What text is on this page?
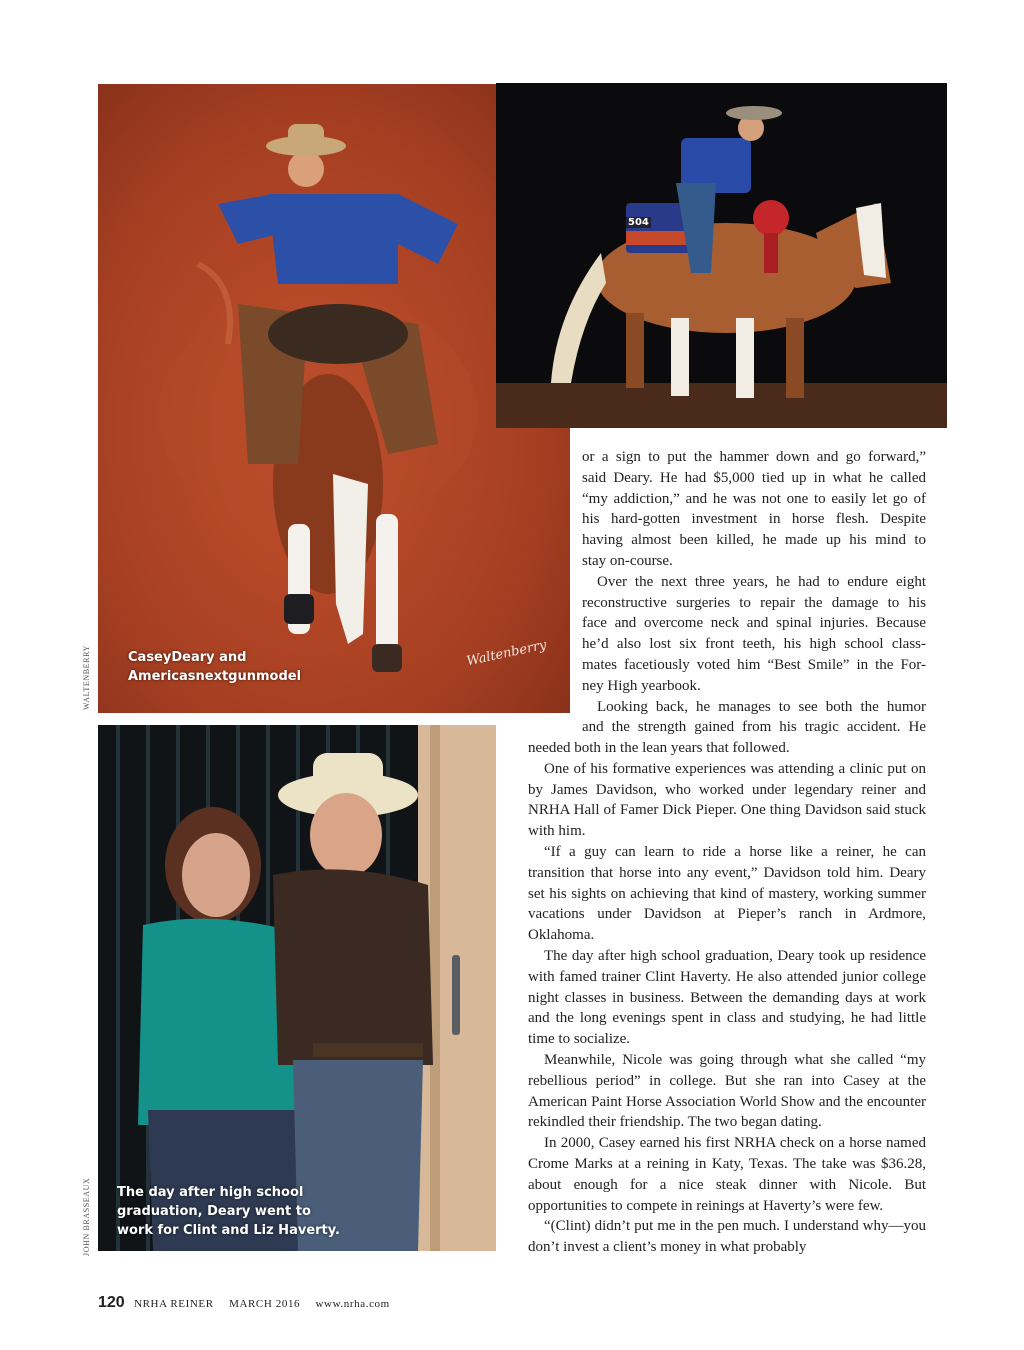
Waltenberry
CaseyDeary and
Americasnextgunmodel
WALTENBERRY
504
The day after high school
graduation, Deary went to
work for Clint and Liz Haverty.
JOHN BRASSEAUX
or a sign to put the hammer down and go forward,”
said Deary. He had $5,000 tied up in what he called
“my addiction,” and he was not one to easily let go of
his hard-gotten investment in horse flesh. Despite
having almost been killed, he made up his mind to
stay on-course.
Over the next three years, he had to endure eight
reconstructive surgeries to repair the damage to his
face and overcome neck and spinal injuries. Because
he’d also lost six front teeth, his high school class-
mates facetiously voted him “Best Smile” in the For-
ney High yearbook.
Looking back, he manages to see both the humor
and the strength gained from his tragic accident. He

needed both in the lean years that followed.

One of his formative experiences was attending a clinic put on by James Davidson, who worked under legendary reiner and NRHA Hall of Famer Dick Pieper. One thing Davidson said stuck with him.

“If a guy can learn to ride a horse like a reiner, he can transition that horse into any event,” Davidson told him. Deary set his sights on achieving that kind of mastery, working summer vacations under Davidson at Pieper’s ranch in Ardmore, Oklahoma.

The day after high school graduation, Deary took up residence with famed trainer Clint Haverty. He also attended junior college night classes in business. Between the demanding days at work and the long evenings spent in class and studying, he had little time to socialize.

Meanwhile, Nicole was going through what she called “my rebellious period” in college. But she ran into Casey at the American Paint Horse Association World Show and the encounter rekindled their friendship. The two began dating.

In 2000, Casey earned his first NRHA check on a horse named Crome Marks at a reining in Katy, Texas. The take was $36.28, about enough for a nice steak dinner with Nicole. But opportunities to compete in reinings at Haverty’s were few.

“(Clint) didn’t put me in the pen much. I understand why—you don’t invest a client’s money in what probably

120 NRHA REINER MARCH 2016 www.nrha.com
